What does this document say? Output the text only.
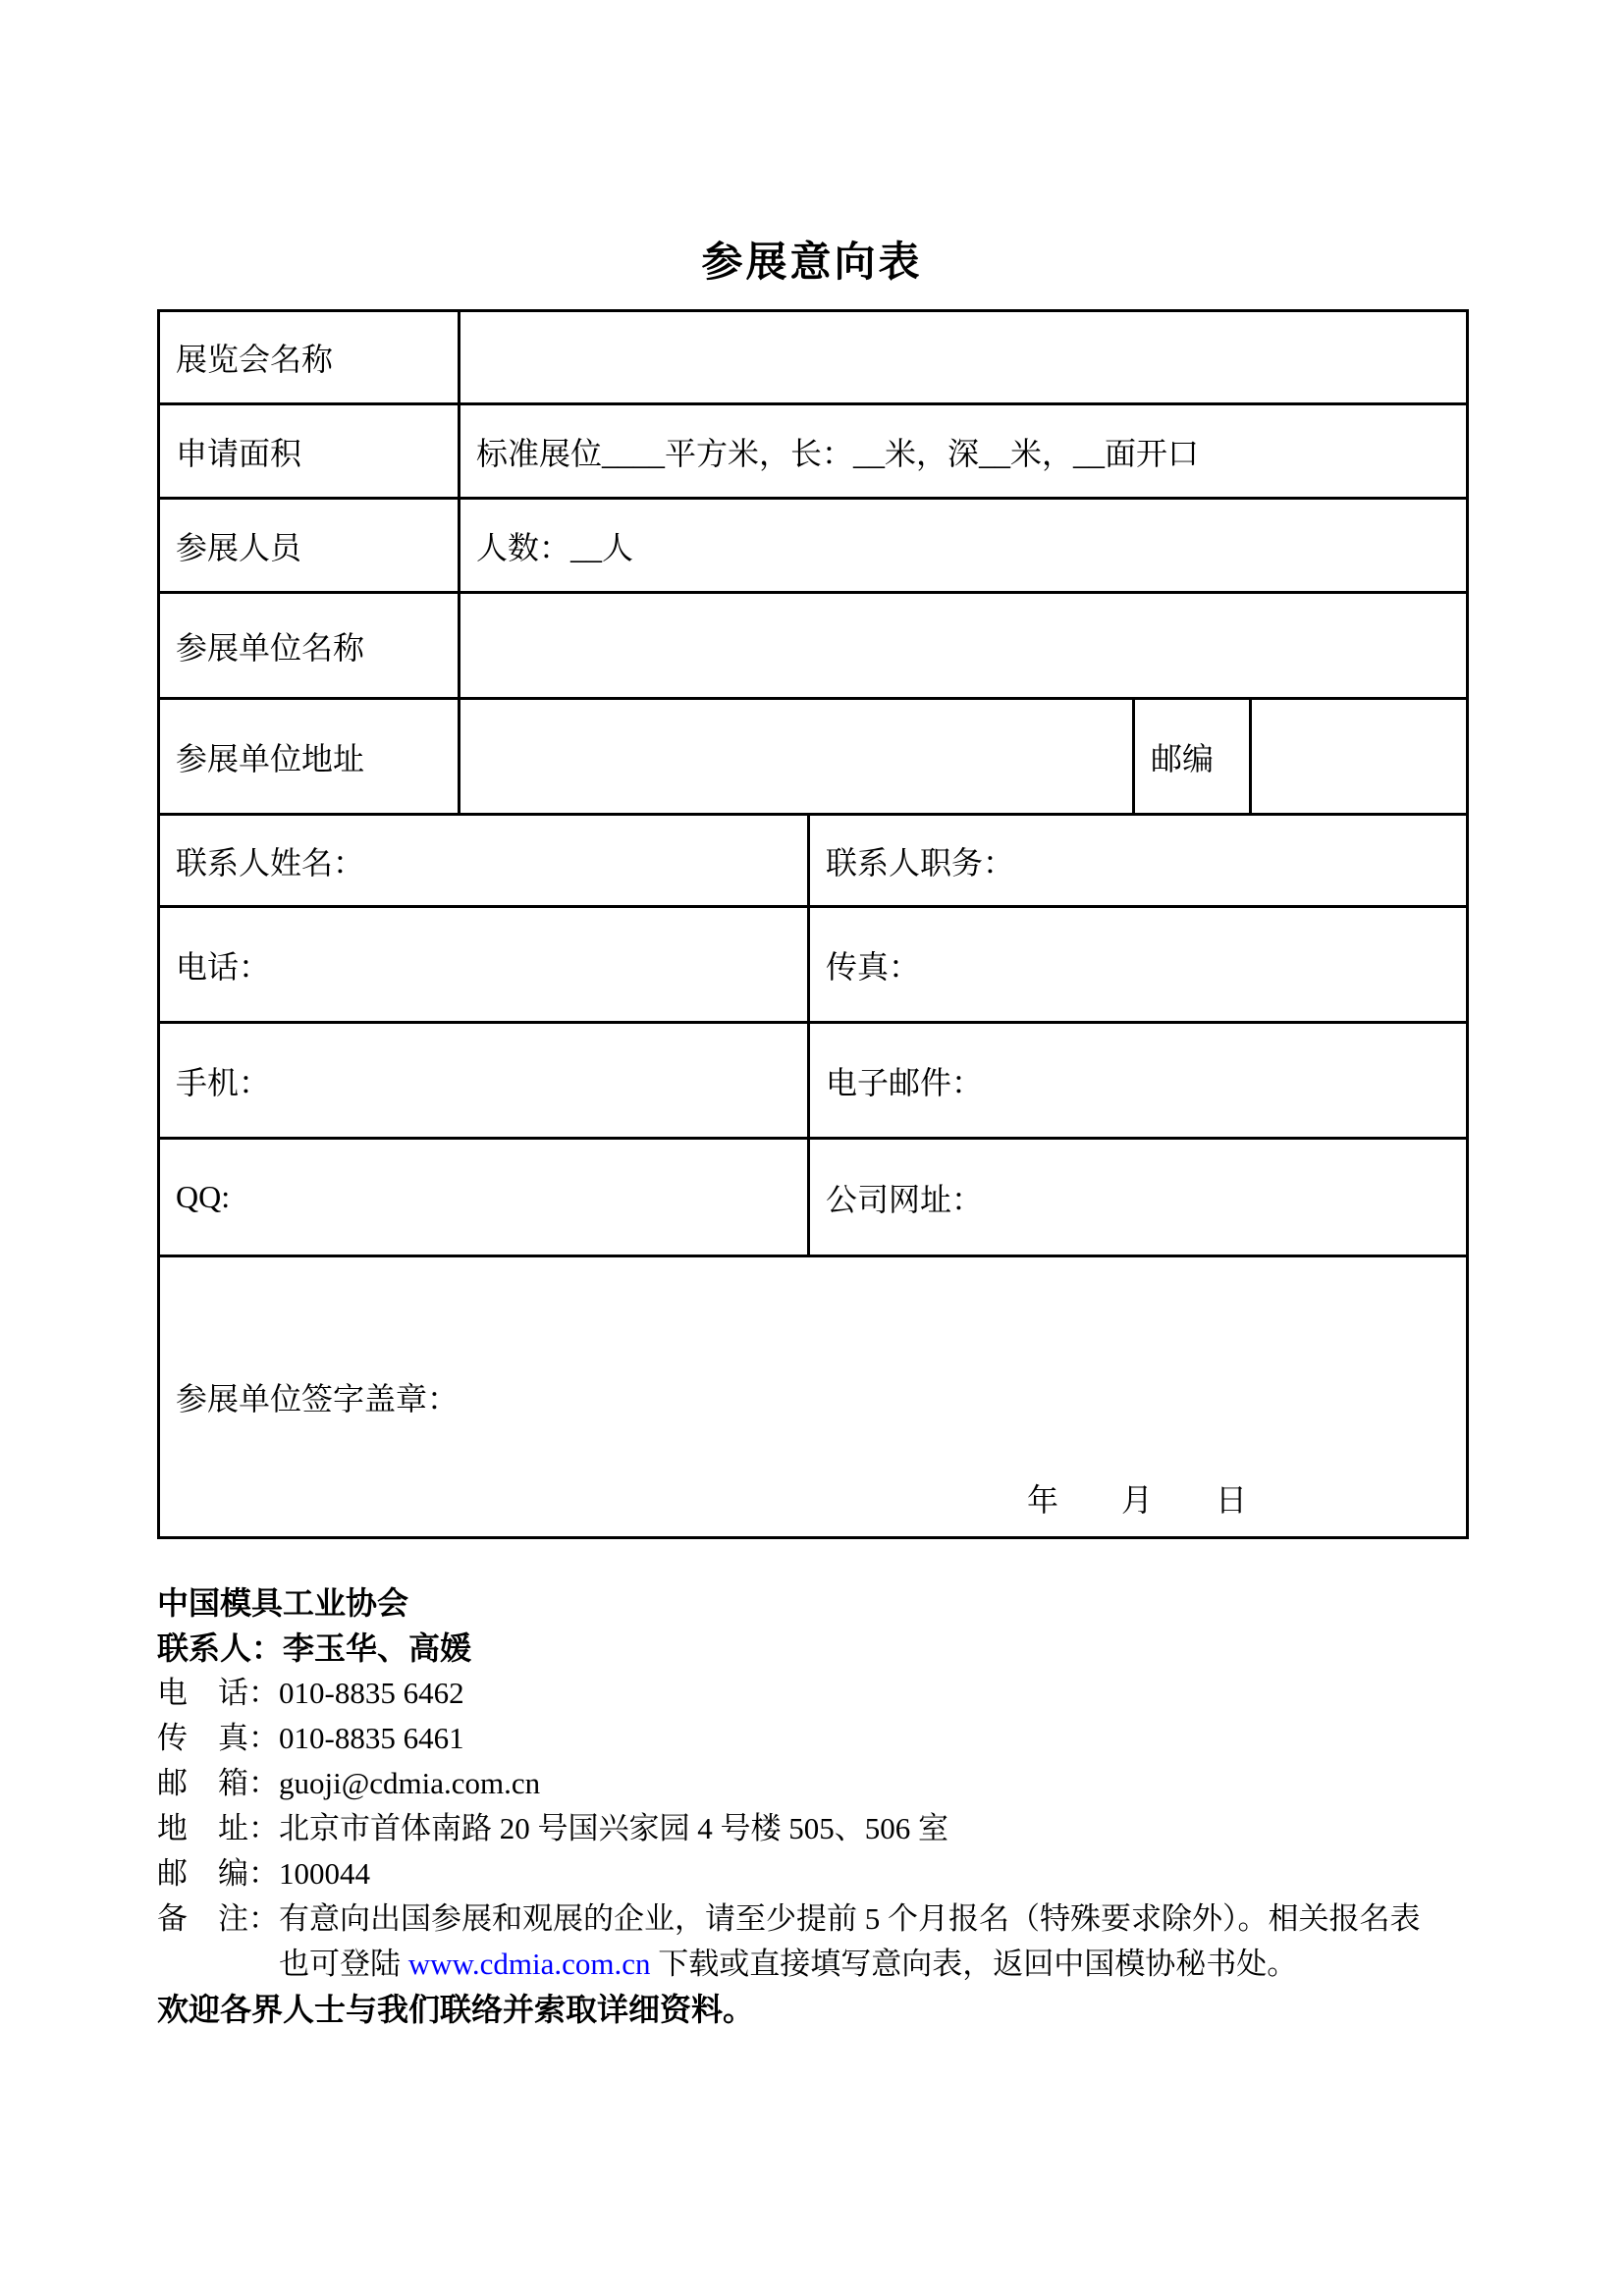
参展意向表
展览会名称				
申请面积	标准展位____平方米，长：__米，深__米，__面开口			
参展人员	人数：__人			
参展单位名称				
参展单位地址			邮编	
联系人姓名：		联系人职务：		
电话：		传真：		
手机：		电子邮件：		
QQ:		公司网址：		

参展单位签字盖章：
年　　月　　日				
中国模具工业协会
联系人：李玉华、高媛
电　话：010-8835 6462
传　真：010-8835 6461
邮　箱：guoji@cdmia.com.cn
地　址：北京市首体南路 20 号国兴家园 4 号楼 505、506 室
邮　编：100044
备　注： 有意向出国参展和观展的企业，请至少提前 5 个月报名（特殊要求除外）。相关报名表
也可登陆 www.cdmia.com.cn 下载或直接填写意向表，返回中国模协秘书处。
欢迎各界人士与我们联络并索取详细资料。
